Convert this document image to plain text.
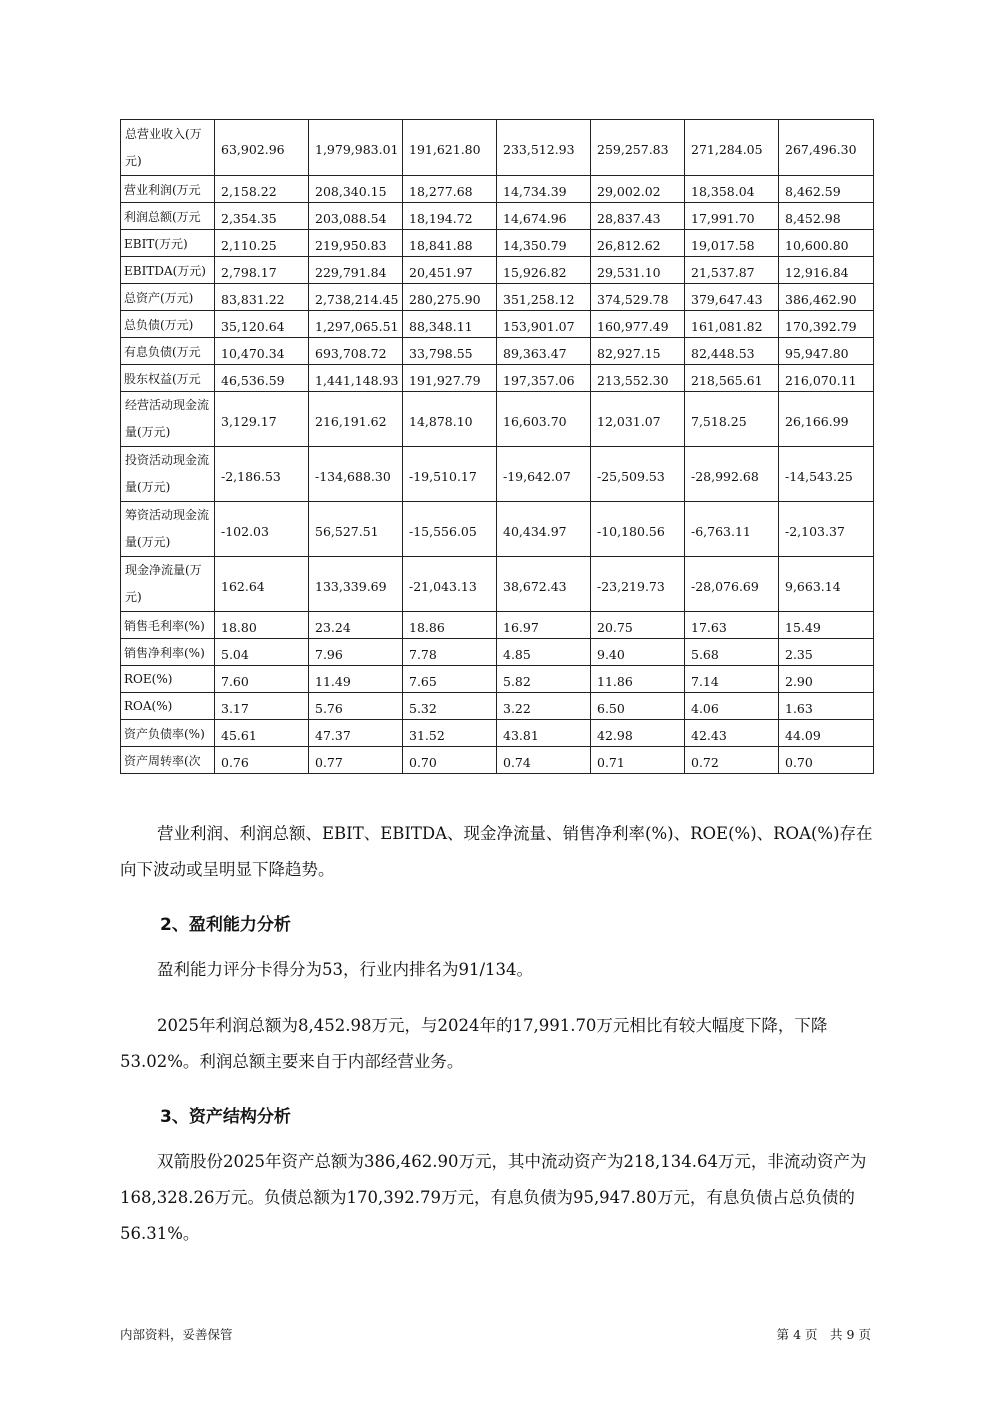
总营业收入(万元)	63,902.96	1,979,983.01	191,621.80	233,512.93	259,257.83	271,284.05	267,496.30
营业利润(万元	2,158.22	208,340.15	18,277.68	14,734.39	29,002.02	18,358.04	8,462.59
利润总额(万元	2,354.35	203,088.54	18,194.72	14,674.96	28,837.43	17,991.70	8,452.98
EBIT(万元)	2,110.25	219,950.83	18,841.88	14,350.79	26,812.62	19,017.58	10,600.80
EBITDA(万元)	2,798.17	229,791.84	20,451.97	15,926.82	29,531.10	21,537.87	12,916.84
总资产(万元)	83,831.22	2,738,214.45	280,275.90	351,258.12	374,529.78	379,647.43	386,462.90
总负债(万元)	35,120.64	1,297,065.51	88,348.11	153,901.07	160,977.49	161,081.82	170,392.79
有息负债(万元	10,470.34	693,708.72	33,798.55	89,363.47	82,927.15	82,448.53	95,947.80
股东权益(万元	46,536.59	1,441,148.93	191,927.79	197,357.06	213,552.30	218,565.61	216,070.11
经营活动现金流量(万元)	3,129.17	216,191.62	14,878.10	16,603.70	12,031.07	7,518.25	26,166.99
投资活动现金流量(万元)	-2,186.53	-134,688.30	-19,510.17	-19,642.07	-25,509.53	-28,992.68	-14,543.25
筹资活动现金流量(万元)	-102.03	56,527.51	-15,556.05	40,434.97	-10,180.56	-6,763.11	-2,103.37
现金净流量(万元)	162.64	133,339.69	-21,043.13	38,672.43	-23,219.73	-28,076.69	9,663.14
销售毛利率(%)	18.80	23.24	18.86	16.97	20.75	17.63	15.49
销售净利率(%)	5.04	7.96	7.78	4.85	9.40	5.68	2.35
ROE(%)	7.60	11.49	7.65	5.82	11.86	7.14	2.90
ROA(%)	3.17	5.76	5.32	3.22	6.50	4.06	1.63
资产负债率(%)	45.61	47.37	31.52	43.81	42.98	42.43	44.09
资产周转率(次	0.76	0.77	0.70	0.74	0.71	0.72	0.70

营业利润、利润总额、EBIT、EBITDA、现金净流量、销售净利率(%)、ROE(%)、ROA(%)存在向下波动或呈明显下降趋势。

2、盈利能力分析

盈利能力评分卡得分为53，行业内排名为91/134。

2025年利润总额为8,452.98万元，与2024年的17,991.70万元相比有较大幅度下降，下降53.02%。利润总额主要来自于内部经营业务。

3、资产结构分析

双箭股份2025年资产总额为386,462.90万元，其中流动资产为218,134.64万元，非流动资产为168,328.26万元。负债总额为170,392.79万元，有息负债为95,947.80万元，有息负债占总负债的56.31%。

内部资料，妥善保管	第 4 页　共 9 页
